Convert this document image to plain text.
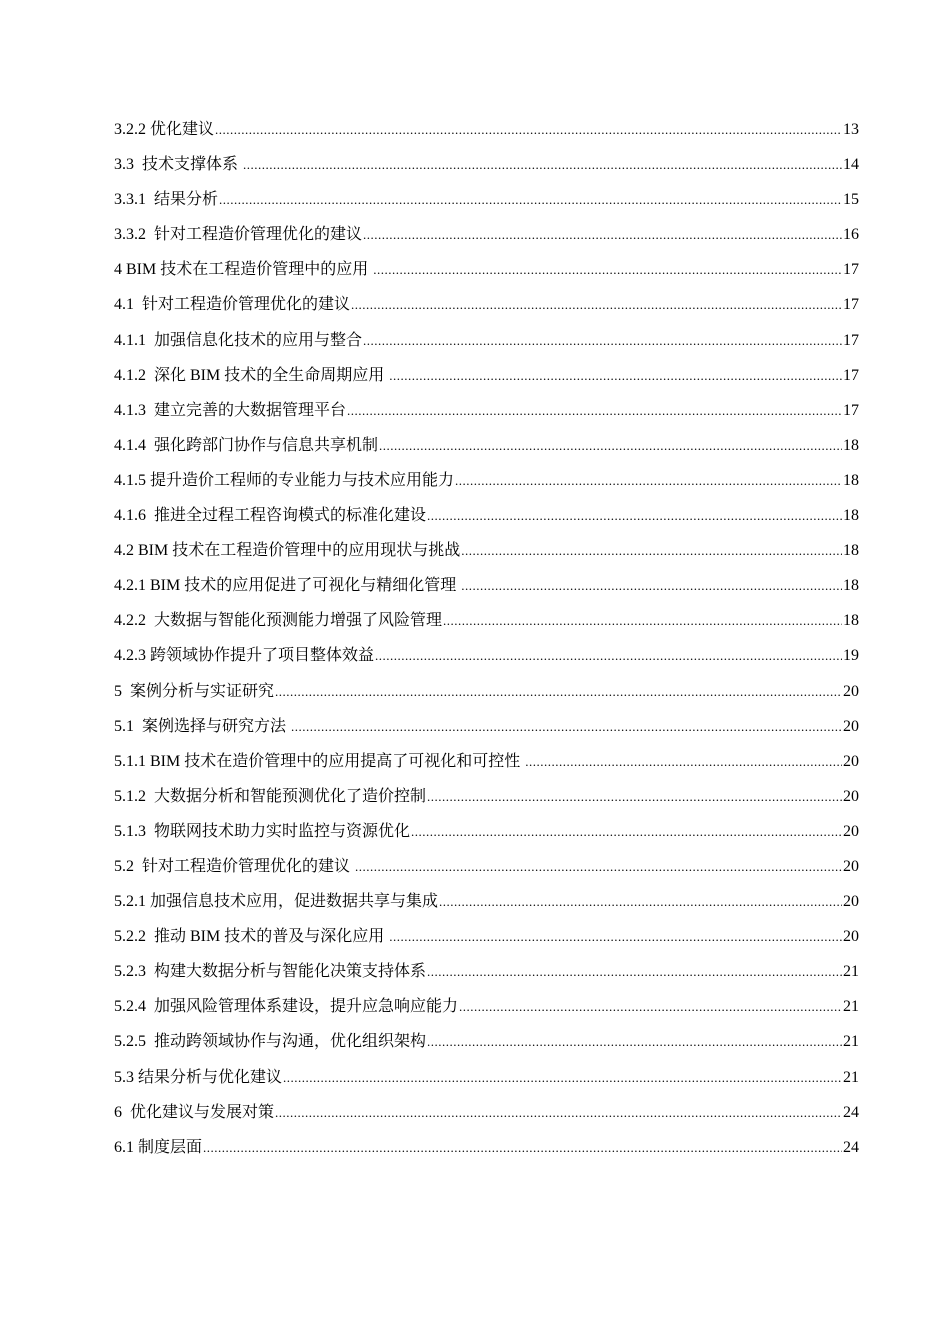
3.2.2 优化建议 .....	13
3.3  技术支撑体系 .....	14
3.3.1  结果分析 .....	15
3.3.2  针对工程造价管理优化的建议 .....	16
4 BIM 技术在工程造价管理中的应用 .....	17
4.1  针对工程造价管理优化的建议 .....	17
4.1.1  加强信息化技术的应用与整合 .....	17
4.1.2  深化 BIM 技术的全生命周期应用 .....	17
4.1.3  建立完善的大数据管理平台 .....	17
4.1.4  强化跨部门协作与信息共享机制 .....	18
4.1.5 提升造价工程师的专业能力与技术应用能力 .....	18
4.1.6  推进全过程工程咨询模式的标准化建设 .....	18
4.2 BIM 技术在工程造价管理中的应用现状与挑战 .....	18
4.2.1 BIM 技术的应用促进了可视化与精细化管理 .....	18
4.2.2  大数据与智能化预测能力增强了风险管理 .....	18
4.2.3 跨领域协作提升了项目整体效益 .....	19
5  案例分析与实证研究 .....	20
5.1  案例选择与研究方法 .....	20
5.1.1 BIM 技术在造价管理中的应用提高了可视化和可控性 .....	20
5.1.2  大数据分析和智能预测优化了造价控制 .....	20
5.1.3  物联网技术助力实时监控与资源优化 .....	20
5.2  针对工程造价管理优化的建议 .....	20
5.2.1 加强信息技术应用，促进数据共享与集成 .....	20
5.2.2  推动 BIM 技术的普及与深化应用 .....	20
5.2.3  构建大数据分析与智能化决策支持体系 .....	21
5.2.4  加强风险管理体系建设，提升应急响应能力 .....	21
5.2.5  推动跨领域协作与沟通，优化组织架构 .....	21
5.3 结果分析与优化建议 .....	21
6  优化建议与发展对策 .....	24
6.1 制度层面 .....	24
